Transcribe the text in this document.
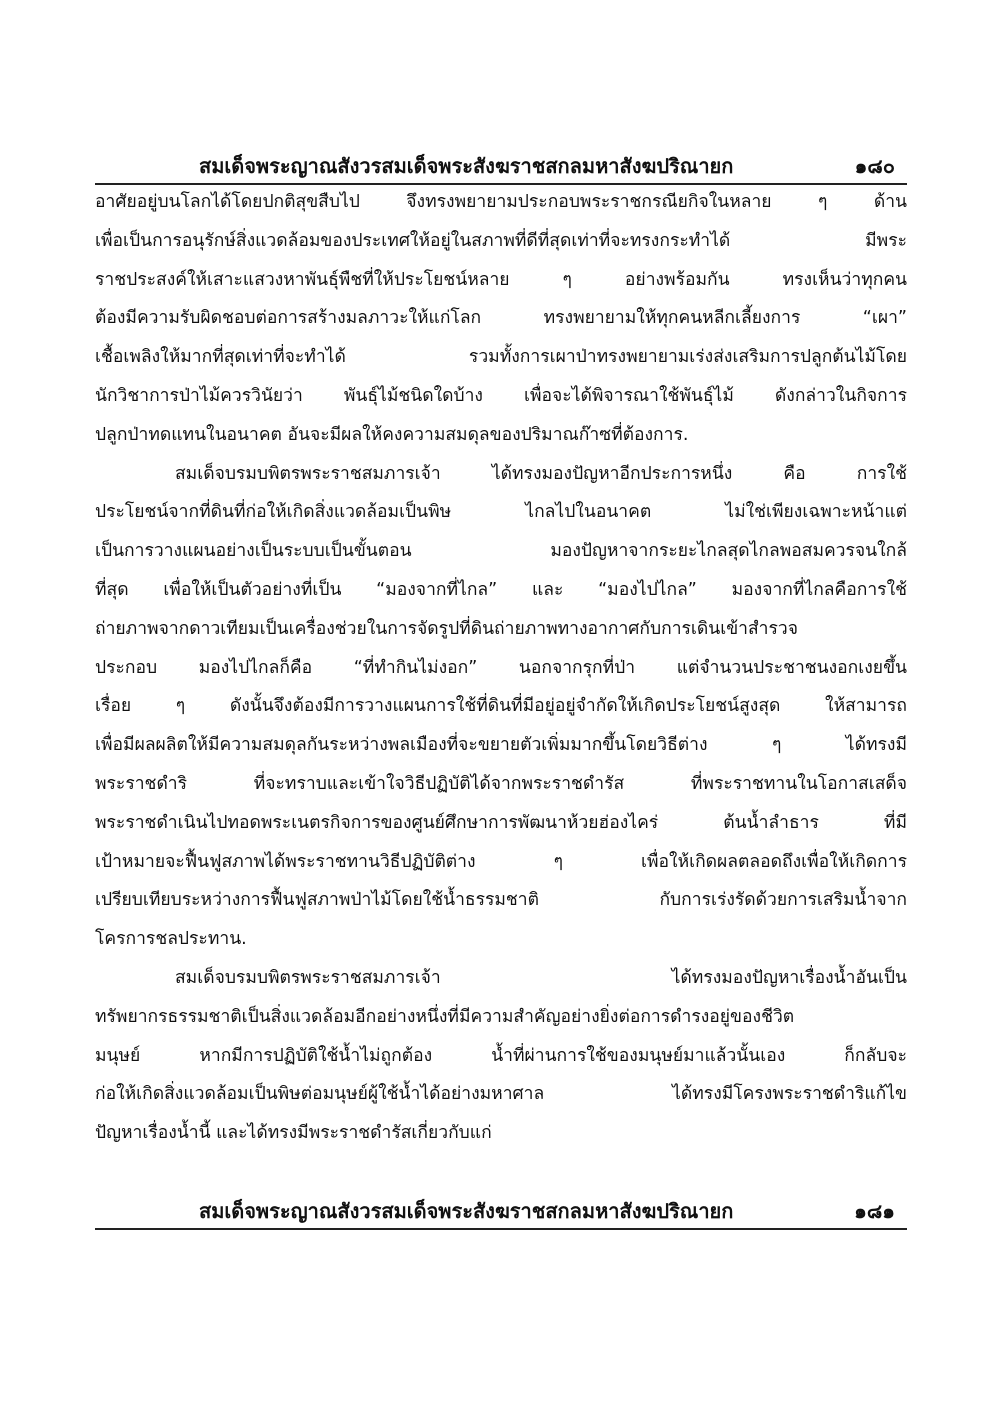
สมเด็จพระญาณสังวรสมเด็จพระสังฆราชสกลมหาสังฆปริณายก	๑๘๐
อาศัยอยู่บนโลกได้โดยปกติสุขสืบไป จึงทรงพยายามประกอบพระราชกรณียกิจในหลาย ๆ ด้าน
เพื่อเป็นการอนุรักษ์สิ่งแวดล้อมของประเทศให้อยู่ในสภาพที่ดีที่สุดเท่าที่จะทรงกระทำได้ มีพระ
ราชประสงค์ให้เสาะแสวงหาพันธุ์พืชที่ให้ประโยชน์หลาย ๆ อย่างพร้อมกัน ทรงเห็นว่าทุกคน
ต้องมีความรับผิดชอบต่อการสร้างมลภาวะให้แก่โลก ทรงพยายามให้ทุกคนหลีกเลี้ยงการ “เผา”
เชื้อเพลิงให้มากที่สุดเท่าที่จะทำได้ รวมทั้งการเผาป่าทรงพยายามเร่งส่งเสริมการปลูกต้นไม้โดย
นักวิชาการป่าไม้ควรวินัยว่า พันธุ์ไม้ชนิดใดบ้าง เพื่อจะได้พิจารณาใช้พันธุ์ไม้ ดังกล่าวในกิจการ
ปลูกป่าทดแทนในอนาคต อันจะมีผลให้คงความสมดุลของปริมาณก๊าซที่ต้องการ.
สมเด็จบรมบพิตรพระราชสมภารเจ้า ได้ทรงมองปัญหาอีกประการหนึ่ง คือ การใช้
ประโยชน์จากที่ดินที่ก่อให้เกิดสิ่งแวดล้อมเป็นพิษ ไกลไปในอนาคต ไม่ใช่เพียงเฉพาะหน้าแต่
เป็นการวางแผนอย่างเป็นระบบเป็นขั้นตอน มองปัญหาจากระยะไกลสุดไกลพอสมควรจนใกล้
ที่สุด เพื่อให้เป็นตัวอย่างที่เป็น “มองจากที่ไกล” และ “มองไปไกล” มองจากที่ไกลคือการใช้
ถ่ายภาพจากดาวเทียมเป็นเครื่องช่วยในการจัดรูปที่ดินถ่ายภาพทางอากาศกับการเดินเข้าสำรวจ
ประกอบ มองไปไกลก็คือ “ที่ทำกินไม่งอก” นอกจากรุกที่ป่า แต่จำนวนประชาชนงอกเงยขึ้น
เรื่อย ๆ ดังนั้นจึงต้องมีการวางแผนการใช้ที่ดินที่มีอยู่อยู่จำกัดให้เกิดประโยชน์สูงสุด ให้สามารถ
เพื่อมีผลผลิตให้มีความสมดุลกันระหว่างพลเมืองที่จะขยายตัวเพิ่มมากขึ้นโดยวิธีต่าง ๆ ได้ทรงมี
พระราชดำริ ที่จะทราบและเข้าใจวิธีปฏิบัติได้จากพระราชดำรัส ที่พระราชทานในโอกาสเสด็จ
พระราชดำเนินไปทอดพระเนตรกิจการของศูนย์ศึกษาการพัฒนาห้วยฮ่องไคร่ ต้นน้ำลำธาร ที่มี
เป้าหมายจะฟื้นฟูสภาพได้พระราชทานวิธีปฏิบัติต่าง ๆ เพื่อให้เกิดผลตลอดถึงเพื่อให้เกิดการ
เปรียบเทียบระหว่างการฟื้นฟูสภาพป่าไม้โดยใช้น้ำธรรมชาติ กับการเร่งรัดด้วยการเสริมน้ำจาก
โครการชลประทาน.
สมเด็จบรมบพิตรพระราชสมภารเจ้า ได้ทรงมองปัญหาเรื่องน้ำอันเป็น
ทรัพยากรธรรมชาติเป็นสิ่งแวดล้อมอีกอย่างหนึ่งที่มีความสำคัญอย่างยิ่งต่อการดำรงอยู่ของชีวิต
มนุษย์ หากมีการปฏิบัติใช้น้ำไม่ถูกต้อง น้ำที่ผ่านการใช้ของมนุษย์มาแล้วนั้นเอง ก็กลับจะ
ก่อให้เกิดสิ่งแวดล้อมเป็นพิษต่อมนุษย์ผู้ใช้น้ำได้อย่างมหาศาล ได้ทรงมีโครงพระราชดำริแก้ไข
ปัญหาเรื่องน้ำนี้ และได้ทรงมีพระราชดำรัสเกี่ยวกับแก่
สมเด็จพระญาณสังวรสมเด็จพระสังฆราชสกลมหาสังฆปริณายก	๑๘๑
